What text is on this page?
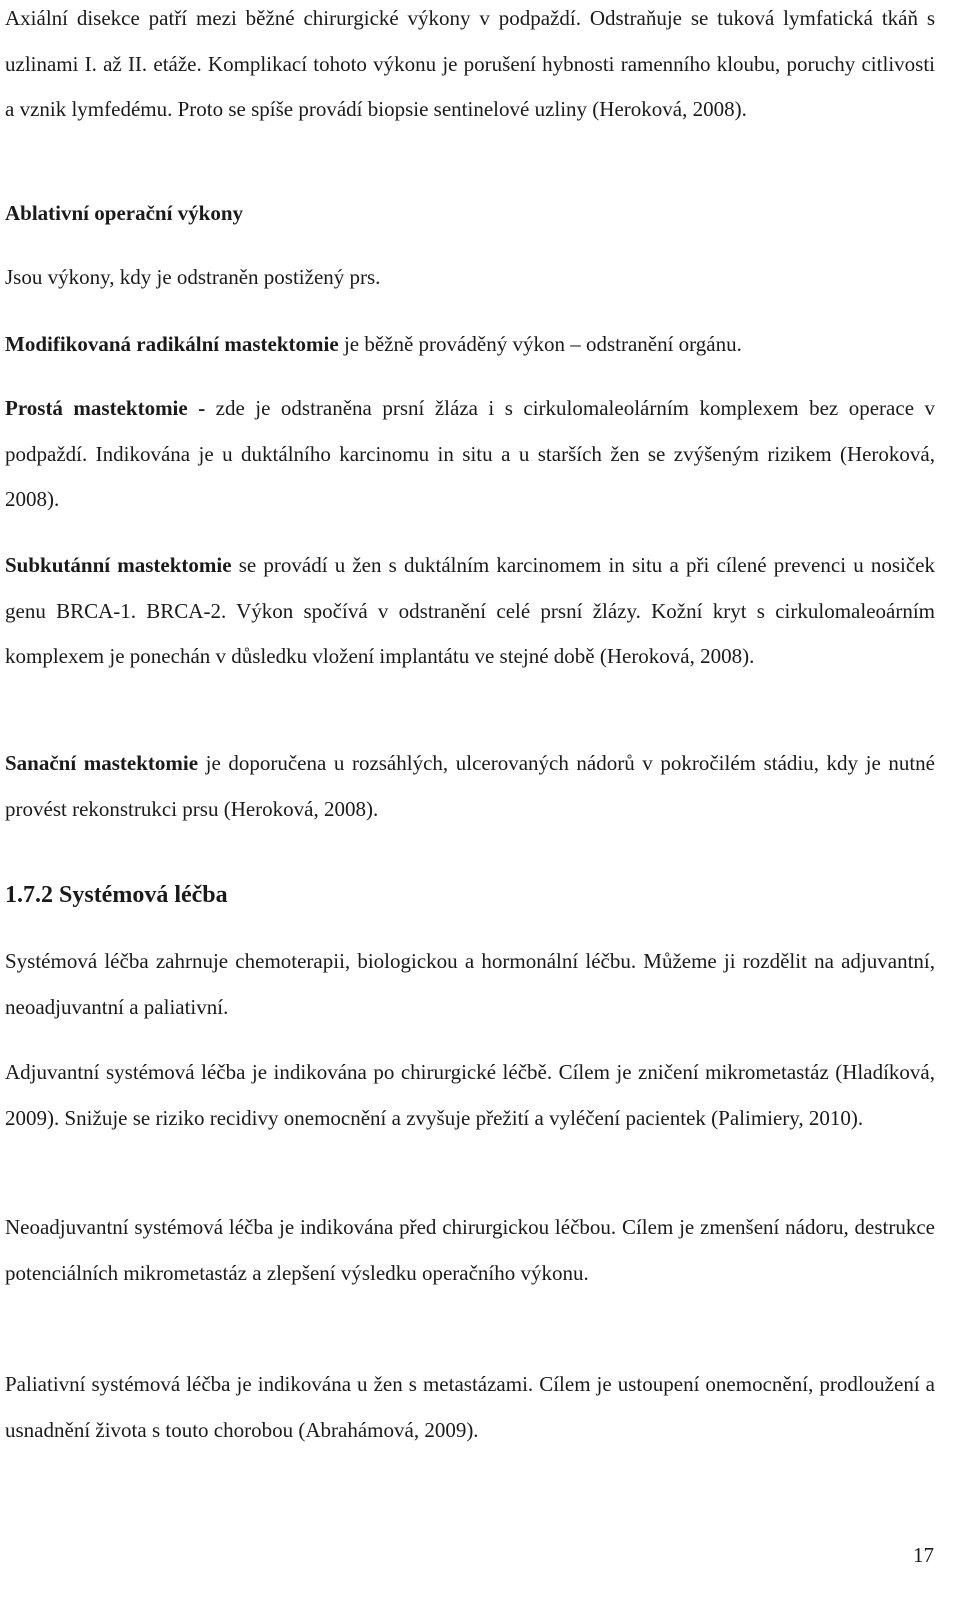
Axiální disekce patří mezi běžné chirurgické výkony v podpaždí. Odstraňuje se tuková lymfatická tkáň s uzlinami I. až II. etáže. Komplikací tohoto výkonu je porušení hybnosti ramenního kloubu, poruchy citlivosti a vznik lymfedému. Proto se spíše provádí biopsie sentinelové uzliny (Heroková, 2008).

Ablativní operační výkony

Jsou výkony, kdy je odstraněn postižený prs.

Modifikovaná radikální mastektomie je běžně prováděný výkon – odstranění orgánu.

Prostá mastektomie - zde je odstraněna prsní žláza i s cirkulomaleolárním komplexem bez operace v podpaždí. Indikována je u duktálního karcinomu in situ a u starších žen se zvýšeným rizikem (Heroková, 2008).

Subkutánní mastektomie se provádí u žen s duktálním karcinomem in situ a při cílené prevenci u nosiček genu BRCA-1. BRCA-2. Výkon spočívá v odstranění celé prsní žlázy. Kožní kryt s cirkulomaleoárním komplexem je ponechán v důsledku vložení implantátu ve stejné době (Heroková, 2008).

Sanační mastektomie je doporučena u rozsáhlých, ulcerovaných nádorů v pokročilém stádiu, kdy je nutné provést rekonstrukci prsu (Heroková, 2008).

1.7.2 Systémová léčba

Systémová léčba zahrnuje chemoterapii, biologickou a hormonální léčbu. Můžeme ji rozdělit na adjuvantní, neoadjuvantní a paliativní.

Adjuvantní systémová léčba je indikována po chirurgické léčbě. Cílem je zničení mikrometastáz (Hladíková, 2009). Snižuje se riziko recidivy onemocnění a zvyšuje přežití a vyléčení pacientek (Palimiery, 2010).

Neoadjuvantní systémová léčba je indikována před chirurgickou léčbou. Cílem je zmenšení nádoru, destrukce potenciálních mikrometastáz a zlepšení výsledku operačního výkonu.

Paliativní systémová léčba je indikována u žen s metastázami. Cílem je ustoupení onemocnění, prodloužení a usnadnění života s touto chorobou (Abrahámová, 2009).

17
